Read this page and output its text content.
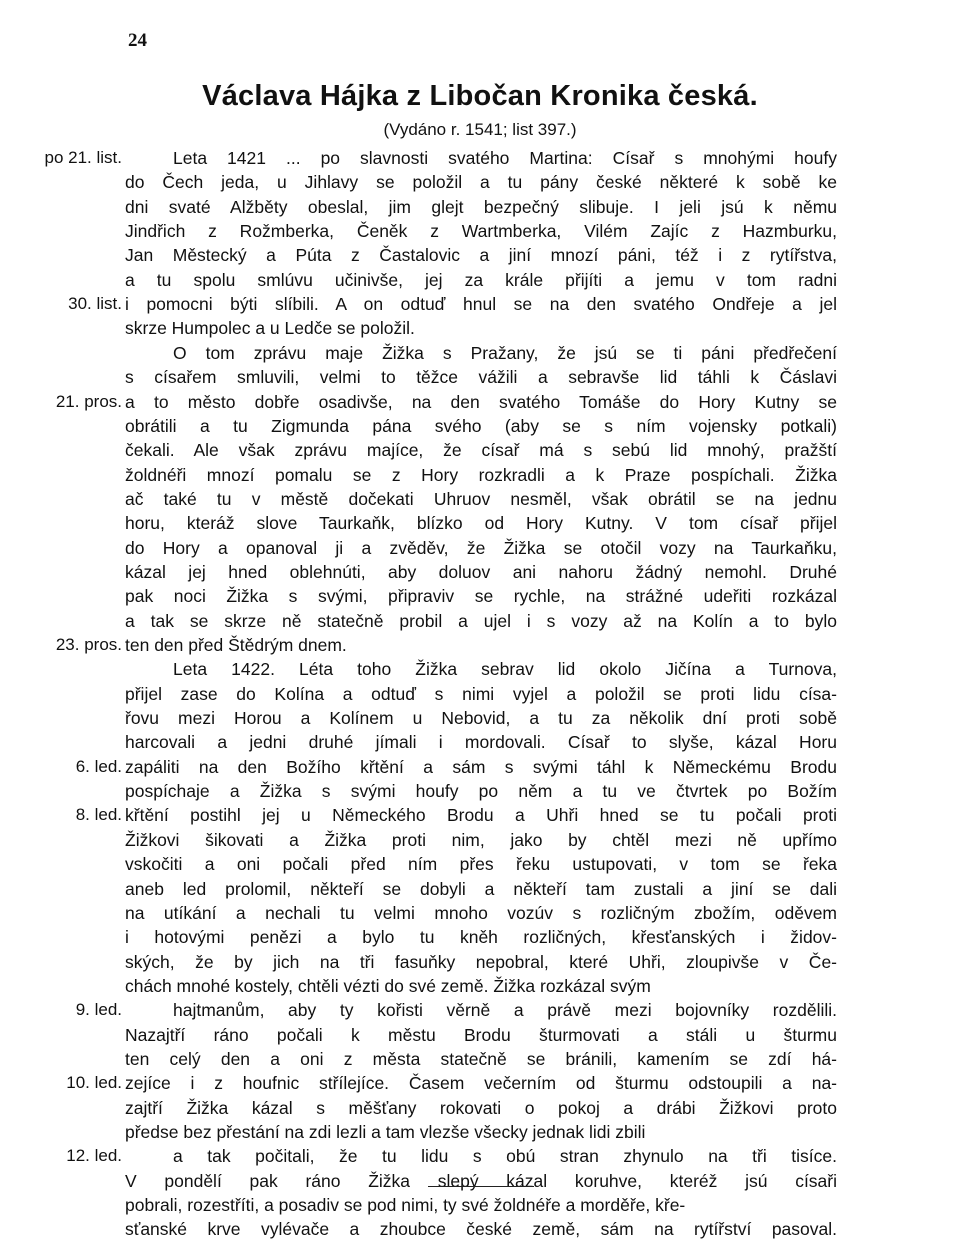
24
Václava Hájka z Libočan Kronika česká.
(Vydáno r. 1541; list 397.)
Leta 1421 ... po slavnosti svatého Martina: Císař s mnohými houfy
do Čech jeda, u Jihlavy se položil a tu pány české některé k sobě ke
dni svaté Alžběty obeslal, jim glejt bezpečný slibuje. I jeli jsú k němu
Jindřich z Rožmberka, Čeněk z Wartmberka, Vilém Zajíc z Hazmburku,
Jan Městecký a Púta z Častalovic a jiní mnozí páni, též i z rytířstva,
a tu spolu smlúvu učinivše, jej za krále přijíti a jemu v tom radni
i pomocni býti slíbili. A on odtuď hnul se na den svatého Ondřeje a jel
skrze Humpolec a u Ledče se položil.
O tom zprávu maje Žižka s Pražany, že jsú se ti páni předřečení
s císařem smluvili, velmi to těžce vážili a sebravše lid táhli k Čáslavi
a to město dobře osadivše, na den svatého Tomáše do Hory Kutny se
obrátili a tu Zigmunda pána svého (aby se s ním vojensky potkali)
čekali. Ale však zprávu majíce, že císař má s sebú lid mnohý, pražští
žoldnéři mnozí pomalu se z Hory rozkradli a k Praze pospíchali. Žižka
ač také tu v městě dočekati Uhruov nesměl, však obrátil se na jednu
horu, kteráž slove Taurkaňk, blízko od Hory Kutny. V tom císař přijel
do Hory a opanoval ji a zvěděv, že Žižka se otočil vozy na Taurkaňku,
kázal jej hned oblehnúti, aby doluov ani nahoru žádný nemohl. Druhé
pak noci Žižka s svými, připraviv se rychle, na strážné udeřiti rozkázal
a tak se skrze ně statečně probil a ujel i s vozy až na Kolín a to bylo
ten den před Štědrým dnem.
Leta 1422. Léta toho Žižka sebrav lid okolo Jičína a Turnova,
přijel zase do Kolína a odtuď s nimi vyjel a položil se proti lidu císa-
řovu mezi Horou a Kolínem u Nebovid, a tu za několik dní proti sobě
harcovali a jedni druhé jímali i mordovali. Císař to slyše, kázal Horu
zapáliti na den Božího křtění a sám s svými táhl k Německému Brodu
pospíchaje a Žižka s svými houfy po něm a tu ve čtvrtek po Božím
křtění postihl jej u Německého Brodu a Uhři hned se tu počali proti
Žižkovi šikovati a Žižka proti nim, jako by chtěl mezi ně upřímo
vskočiti a oni počali před ním přes řeku ustupovati, v tom se řeka
aneb led prolomil, někteří se dobyli a někteří tam zustali a jiní se dali
na utíkání a nechali tu velmi mnoho vozúv s rozličným zbožím, oděvem
i hotovými penězi a bylo tu kněh rozličných, křesťanských i židov-
ských, že by jich na tři fasuňky nepobral, které Uhři, zloupivše v Če-
chách mnohé kostely, chtěli vézti do své země. Žižka rozkázal svým
hajtmanům, aby ty kořisti věrně a právě mezi bojovníky rozdělili.
Nazajtří ráno počali k městu Brodu šturmovati a stáli u šturmu
ten celý den a oni z města statečně se bránili, kamením se zdí há-
zejíce i z houfnic střílejíce. Časem večerním od šturmu odstoupili a na-
zajtří Žižka kázal s měšťany rokovati o pokoj a drábi Žižkovi proto
předse bez přestání na zdi lezli a tam vlezše všecky jednak lidi zbili
a tak počitali, že tu lidu s obú stran zhynulo na tři tisíce.
V pondělí pak ráno Žižka slepý kázal koruhve, kteréž jsú císaři
pobrali, rozestříti, a posadiv se pod nimi, ty své žoldnéře a morděře, kře-
sťanské krve vylévače a zhoubce české země, sám na rytířství pasoval.
po 21. list.
30. list.
21. pros.
23. pros.
6. led.
8. led.
9. led.
10. led.
12. led.
